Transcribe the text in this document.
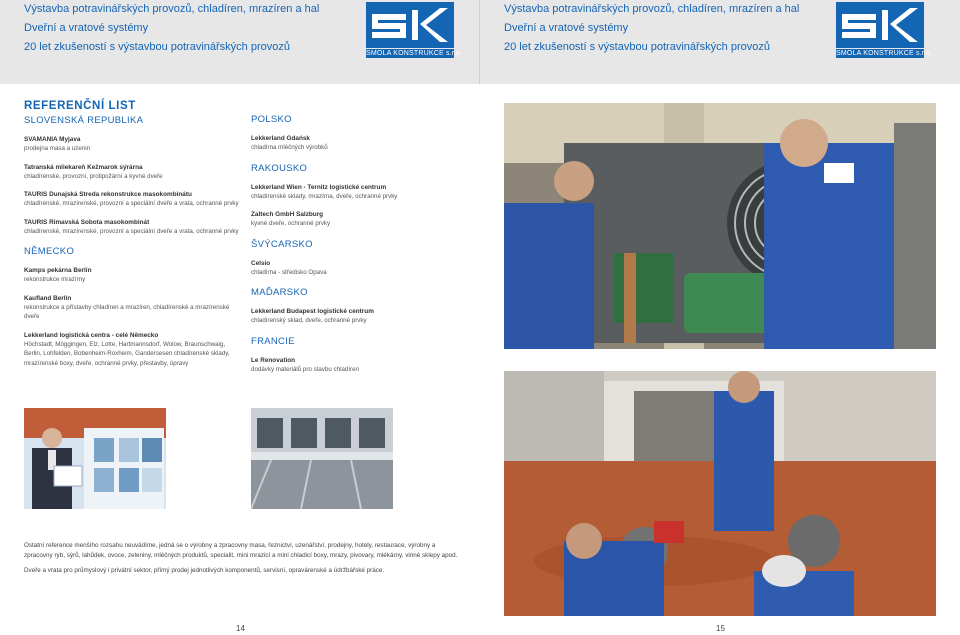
Výstavba potravinářských provozů, chladíren, mrazíren a hal
Dveřní a vratové systémy
20 let zkušeností s výstavbou potravinářských provozů
SMOLA KONSTRUKCE s.r.o.
Výstavba potravinářských provozů, chladíren, mrazíren a hal
Dveřní a vratové systémy
20 let zkušeností s výstavbou potravinářských provozů
SMOLA KONSTRUKCE s.r.o.
REFERENČNÍ LIST
SLOVENSKÁ REPUBLIKA
SVAMANIA Myjava
prodejna masa a uzenin
Tatranská mliekareň Kežmarok sýrárna
chladírenské, provozní, protipožární a kyvné dveře
TAURIS Dunajská Streda rekonstrukce masokombinátu
chladírenské, mrazírenské, provozní a speciální dveře a vrata, ochranné prvky
TAURIS Rimavská Sobota masokombinát
chladírenské, mrazírenské, provozní a speciální dveře a vrata, ochranné prvky
NĚMECKO
Kamps pekárna Berlín
rekonstrukce mrazírny
Kaufland Berlín
rekonstrukce a přístavby chladíren a mrazíren, chladírenské a mrazírenské dveře
Lekkerland logistická centra - celé Německo
Höchstadt, Möggingen, Elz, Lotte, Hartmannsdorf, Wolow, Braunschwaig, Berlin, Lohfelden, Bobenheim-Roxheim, Gandersesen chladírenské sklady, mrazírenské boxy, dveře, ochranné prvky, přestavby, úpravy
POLSKO
Lekkerland Gdańsk
chladírna mléčných výrobků
RAKOUSKO
Lekkerland Wien - Ternitz logistické centrum
chladírenské sklady, mrazírna, dveře, ochranné prvky
Zaltech GmbH Salzburg
kyvné dveře, ochranné prvky
ŠVÝCARSKO
Celsio
chladírna - středisko Opava
MAĎARSKO
Lekkerland Budapest logistické centrum
chladírenský sklad, dveře, ochranné prvky
FRANCIE
Le Renovation
dodávky materiálů pro stavbu chladíren

Ostatní reference menšího rozsahu neuvádíme, jedná se o výrobny a zpracovny masa, řeznictví, uzenářství, prodejny, hotely, restaurace, výrobny a zpracovny ryb, sýrů, lahůdek, ovoce, zeleniny, mléčných produktů, specialit, mini mrazicí a mini chladicí boxy, mrazy, pivovary, mlékárny, vinné sklepy apod.

Dveře a vrata pro průmyslový i privátní sektor, přímý prodej jednotlivých komponentů, servisní, opravárenské a údržbářské práce.

14	15
